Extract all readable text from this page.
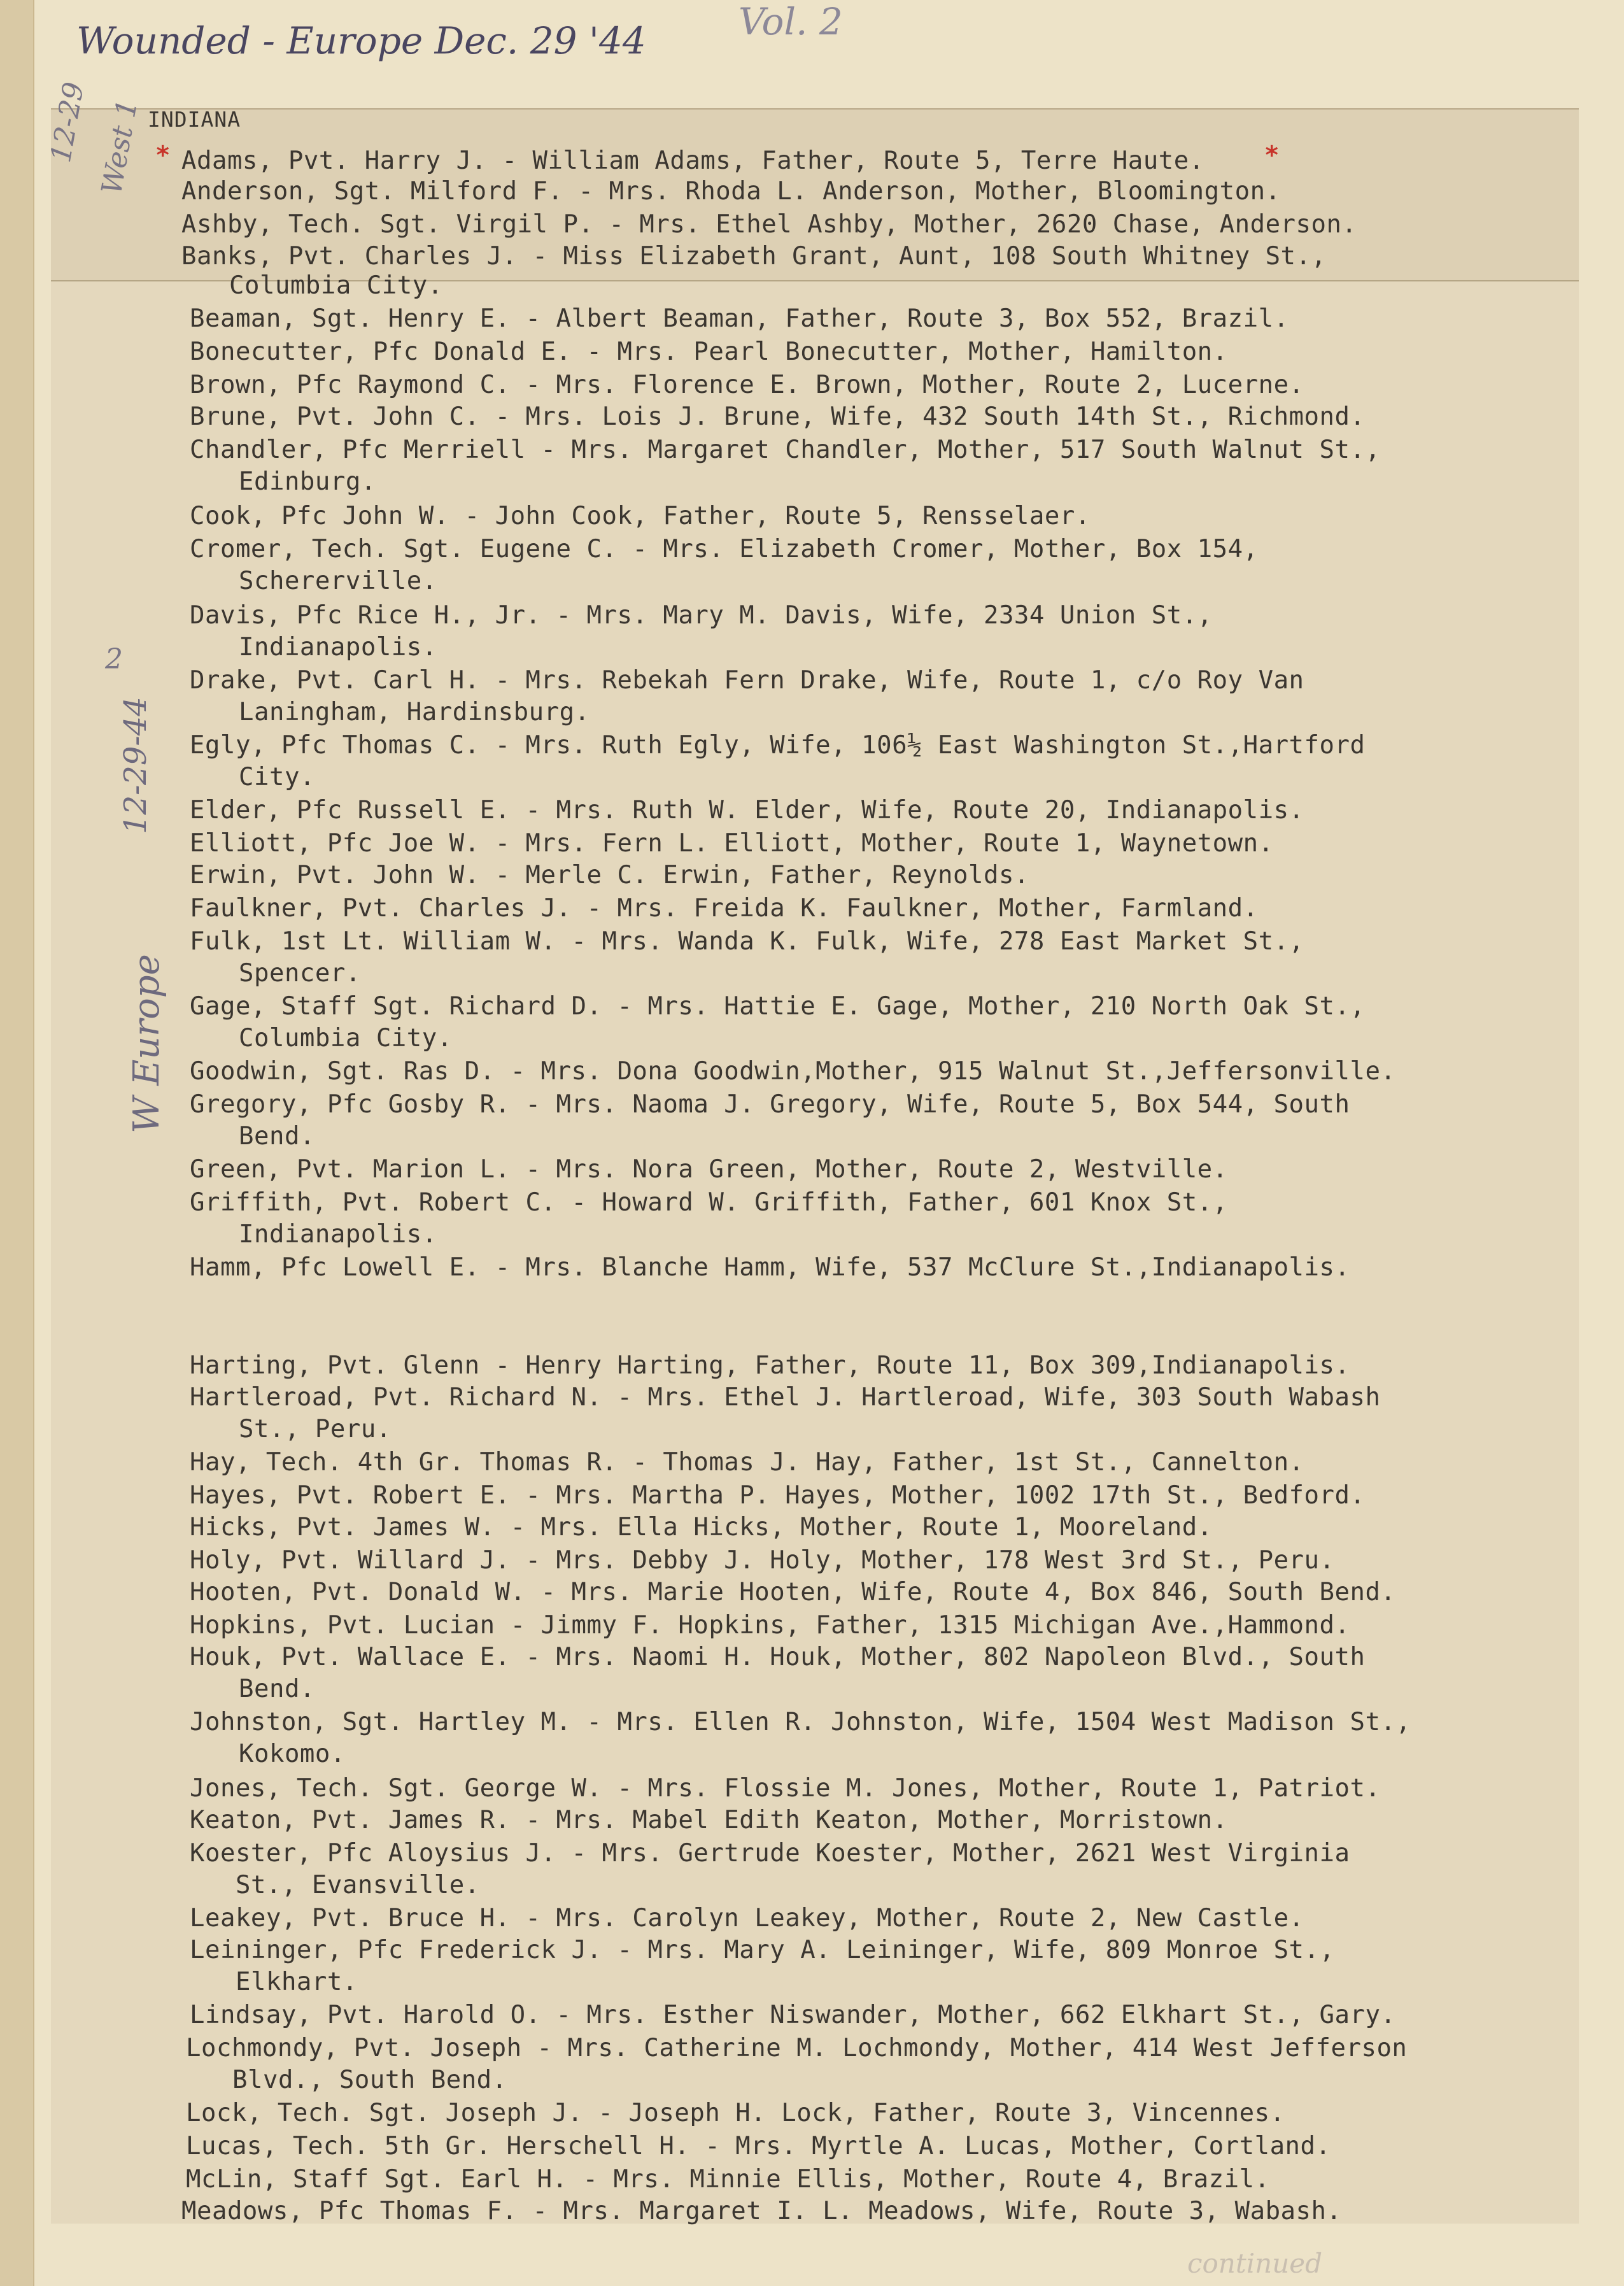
Wounded - Europe Dec. 29 '44	Vol. 2
continued
12-29 West 1
2
12-29-44
W Europe
INDIANA
*	*
Adams, Pvt. Harry J. - William Adams, Father, Route 5, Terre Haute.
Anderson, Sgt. Milford F. - Mrs. Rhoda L. Anderson, Mother, Bloomington.
Ashby, Tech. Sgt. Virgil P. - Mrs. Ethel Ashby, Mother, 2620 Chase, Anderson.
Banks, Pvt. Charles J. - Miss Elizabeth Grant, Aunt, 108 South Whitney St.,
Columbia City.
Beaman, Sgt. Henry E. - Albert Beaman, Father, Route 3, Box 552, Brazil.
Bonecutter, Pfc Donald E. - Mrs. Pearl Bonecutter, Mother, Hamilton.
Brown, Pfc Raymond C. - Mrs. Florence E. Brown, Mother, Route 2, Lucerne.
Brune, Pvt. John C. - Mrs. Lois J. Brune, Wife, 432 South 14th St., Richmond.
Chandler, Pfc Merriell - Mrs. Margaret Chandler, Mother, 517 South Walnut St.,
Edinburg.
Cook, Pfc John W. - John Cook, Father, Route 5, Rensselaer.
Cromer, Tech. Sgt. Eugene C. - Mrs. Elizabeth Cromer, Mother, Box 154,
Schererville.
Davis, Pfc Rice H., Jr. - Mrs. Mary M. Davis, Wife, 2334 Union St.,
Indianapolis.
Drake, Pvt. Carl H. - Mrs. Rebekah Fern Drake, Wife, Route 1, c/o Roy Van
Laningham, Hardinsburg.
Egly, Pfc Thomas C. - Mrs. Ruth Egly, Wife, 106½ East Washington St.,Hartford
City.
Elder, Pfc Russell E. - Mrs. Ruth W. Elder, Wife, Route 20, Indianapolis.
Elliott, Pfc Joe W. - Mrs. Fern L. Elliott, Mother, Route 1, Waynetown.
Erwin, Pvt. John W. - Merle C. Erwin, Father, Reynolds.
Faulkner, Pvt. Charles J. - Mrs. Freida K. Faulkner, Mother, Farmland.
Fulk, 1st Lt. William W. - Mrs. Wanda K. Fulk, Wife, 278 East Market St.,
Spencer.
Gage, Staff Sgt. Richard D. - Mrs. Hattie E. Gage, Mother, 210 North Oak St.,
Columbia City.
Goodwin, Sgt. Ras D. - Mrs. Dona Goodwin,Mother, 915 Walnut St.,Jeffersonville.
Gregory, Pfc Gosby R. - Mrs. Naoma J. Gregory, Wife, Route 5, Box 544, South
Bend.
Green, Pvt. Marion L. - Mrs. Nora Green, Mother, Route 2, Westville.
Griffith, Pvt. Robert C. - Howard W. Griffith, Father, 601 Knox St.,
Indianapolis.
Hamm, Pfc Lowell E. - Mrs. Blanche Hamm, Wife, 537 McClure St.,Indianapolis.
Harting, Pvt. Glenn - Henry Harting, Father, Route 11, Box 309,Indianapolis.
Hartleroad, Pvt. Richard N. - Mrs. Ethel J. Hartleroad, Wife, 303 South Wabash
St., Peru.
Hay, Tech. 4th Gr. Thomas R. - Thomas J. Hay, Father, 1st St., Cannelton.
Hayes, Pvt. Robert E. - Mrs. Martha P. Hayes, Mother, 1002 17th St., Bedford.
Hicks, Pvt. James W. - Mrs. Ella Hicks, Mother, Route 1, Mooreland.
Holy, Pvt. Willard J. - Mrs. Debby J. Holy, Mother, 178 West 3rd St., Peru.
Hooten, Pvt. Donald W. - Mrs. Marie Hooten, Wife, Route 4, Box 846, South Bend.
Hopkins, Pvt. Lucian - Jimmy F. Hopkins, Father, 1315 Michigan Ave.,Hammond.
Houk, Pvt. Wallace E. - Mrs. Naomi H. Houk, Mother, 802 Napoleon Blvd., South
Bend.
Johnston, Sgt. Hartley M. - Mrs. Ellen R. Johnston, Wife, 1504 West Madison St.,
Kokomo.
Jones, Tech. Sgt. George W. - Mrs. Flossie M. Jones, Mother, Route 1, Patriot.
Keaton, Pvt. James R. - Mrs. Mabel Edith Keaton, Mother, Morristown.
Koester, Pfc Aloysius J. - Mrs. Gertrude Koester, Mother, 2621 West Virginia
St., Evansville.
Leakey, Pvt. Bruce H. - Mrs. Carolyn Leakey, Mother, Route 2, New Castle.
Leininger, Pfc Frederick J. - Mrs. Mary A. Leininger, Wife, 809 Monroe St.,
Elkhart.
Lindsay, Pvt. Harold O. - Mrs. Esther Niswander, Mother, 662 Elkhart St., Gary.
Lochmondy, Pvt. Joseph - Mrs. Catherine M. Lochmondy, Mother, 414 West Jefferson
Blvd., South Bend.
Lock, Tech. Sgt. Joseph J. - Joseph H. Lock, Father, Route 3, Vincennes.
Lucas, Tech. 5th Gr. Herschell H. - Mrs. Myrtle A. Lucas, Mother, Cortland.
McLin, Staff Sgt. Earl H. - Mrs. Minnie Ellis, Mother, Route 4, Brazil.
Meadows, Pfc Thomas F. - Mrs. Margaret I. L. Meadows, Wife, Route 3, Wabash.
